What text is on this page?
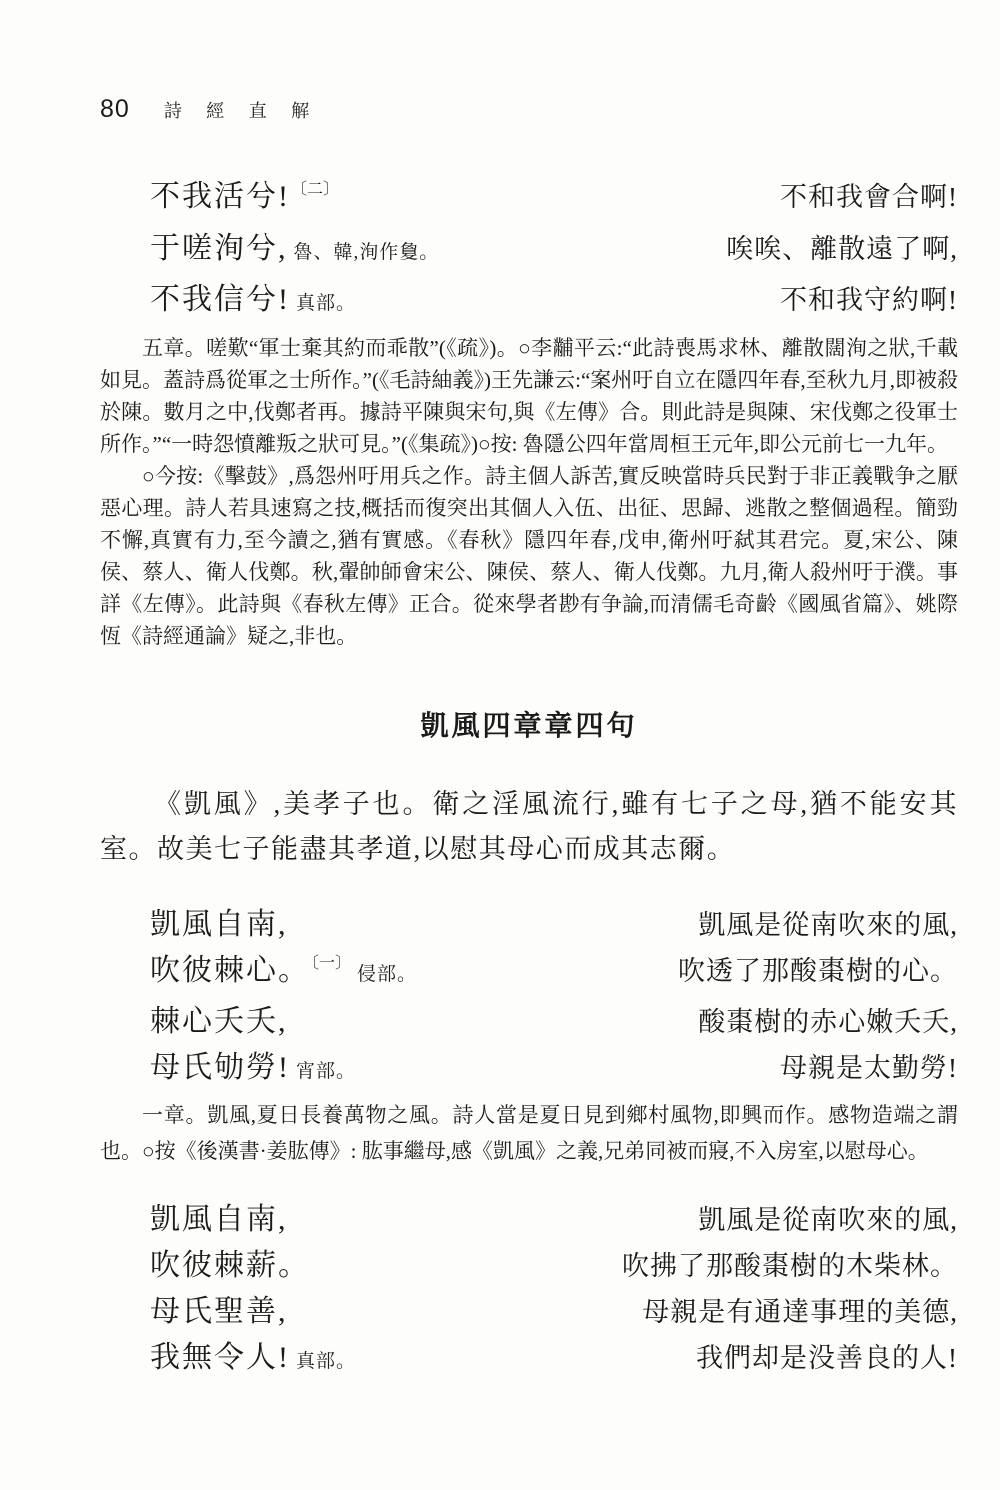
80 詩 經 直 解
不我活兮!$^{〔二〕}$	不和我會合啊!
于嗟洵兮, 魯、韓,洵作敻。	唉唉、離散遠了啊,
不我信兮! 真部。	不和我守約啊!

五章。嗟歎“軍士棄其約而乖散”(《疏》)。○李黼平云:“此詩喪馬求林、離散闊洵之狀,千載如見。蓋詩爲從軍之士所作。”(《毛詩紬義》)王先謙云:“案州吁自立在隱四年春,至秋九月,即被殺於陳。數月之中,伐鄭者再。據詩平陳與宋句,與《左傳》合。則此詩是與陳、宋伐鄭之役軍士所作。”“一時怨憤離叛之狀可見。”(《集疏》)○按: 魯隱公四年當周桓王元年,即公元前七一九年。

○今按:《擊鼓》,爲怨州吁用兵之作。詩主個人訴苦,實反映當時兵民對于非正義戰争之厭惡心理。詩人若具速寫之技,概括而復突出其個人入伍、出征、思歸、逃散之整個過程。簡勁不懈,真實有力,至今讀之,猶有實感。《春秋》隱四年春,戊申,衛州吁弑其君完。夏,宋公、陳侯、蔡人、衛人伐鄭。秋,翬帥師會宋公、陳侯、蔡人、衛人伐鄭。九月,衛人殺州吁于濮。事詳《左傳》。此詩與《春秋左傳》正合。從來學者尠有争論,而清儒毛奇齡《國風省篇》、姚際恆《詩經通論》疑之,非也。

凱風四章章四句

《凱風》,美孝子也。衛之淫風流行,雖有七子之母,猶不能安其室。故美七子能盡其孝道,以慰其母心而成其志爾。

凱風自南,	凱風是從南吹來的風,
吹彼棘心。$^{〔一〕}$侵部。	吹透了那酸棗樹的心。
棘心夭夭,	酸棗樹的赤心嫩夭夭,
母氏劬勞! 宵部。	母親是太勤勞!

一章。凱風,夏日長養萬物之風。詩人當是夏日見到鄉村風物,即興而作。感物造端之謂也。○按《後漢書·姜肱傳》: 肱事繼母,感《凱風》之義,兄弟同被而寢,不入房室,以慰母心。

凱風自南,	凱風是從南吹來的風,
吹彼棘薪。	吹拂了那酸棗樹的木柴林。
母氏聖善,	母親是有通達事理的美德,
我無令人! 真部。	我們却是没善良的人!
